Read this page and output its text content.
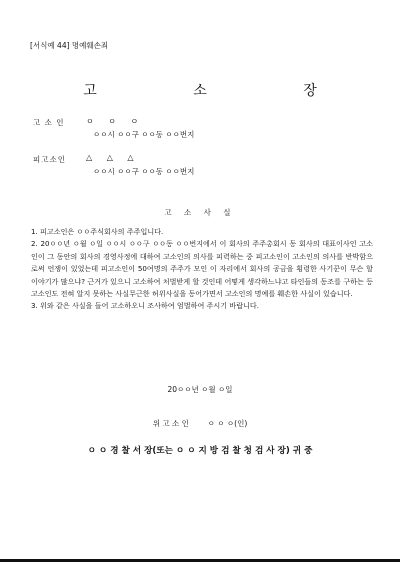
[서식예 44] 명예훼손죄
고 소 장
고 소 인	ㅇ ㅇ ㅇ
ㅇㅇ시 ㅇㅇ구 ㅇㅇ동 ㅇㅇ번지
피고소인	△ △ △
ㅇㅇ시 ㅇㅇ구 ㅇㅇ동 ㅇㅇ번지
고 소 사 실

1. 피고소인은 ㅇㅇ주식회사의 주주입니다.

2. 20ㅇㅇ년 ㅇ월 ㅇ일 ㅇㅇ시 ㅇㅇ구 ㅇㅇ동 ㅇㅇ번지에서 이 회사의 주주총회시 동 회사의 대표이사인 고소인이 그 동안의 회사의 경영사정에 대하여 고소인의 의사를 피력하는 중 피고소인이 고소인의 의사를 반박함으로써 언쟁이 있었는데 피고소인이 50여명의 주주가 모인 이 자리에서 회사의 공금을 횡령한 사기꾼이 무슨 할 이야기가 많으냐? 근거가 있으니 고소하여 처벌받게 할 것인데 어떻게 생각하느냐고 타인들의 동조를 구하는 등 고소인도 전혀 알지 못하는 사실무근한 허위사실을 동어가면서 고소인의 명예를 훼손한 사실이 있습니다.

3. 위와 같은 사실을 들어 고소하오니 조사하여 엄벌하여 주시기 바랍니다.

20ㅇㅇ년 ㅇ월 ㅇ일
위 고 소 인	ㅇ ㅇ ㅇ(인)
ㅇ ㅇ 경 찰 서 장(또는 ㅇ ㅇ 지 방 검 찰 청 검 사 장) 귀 중
